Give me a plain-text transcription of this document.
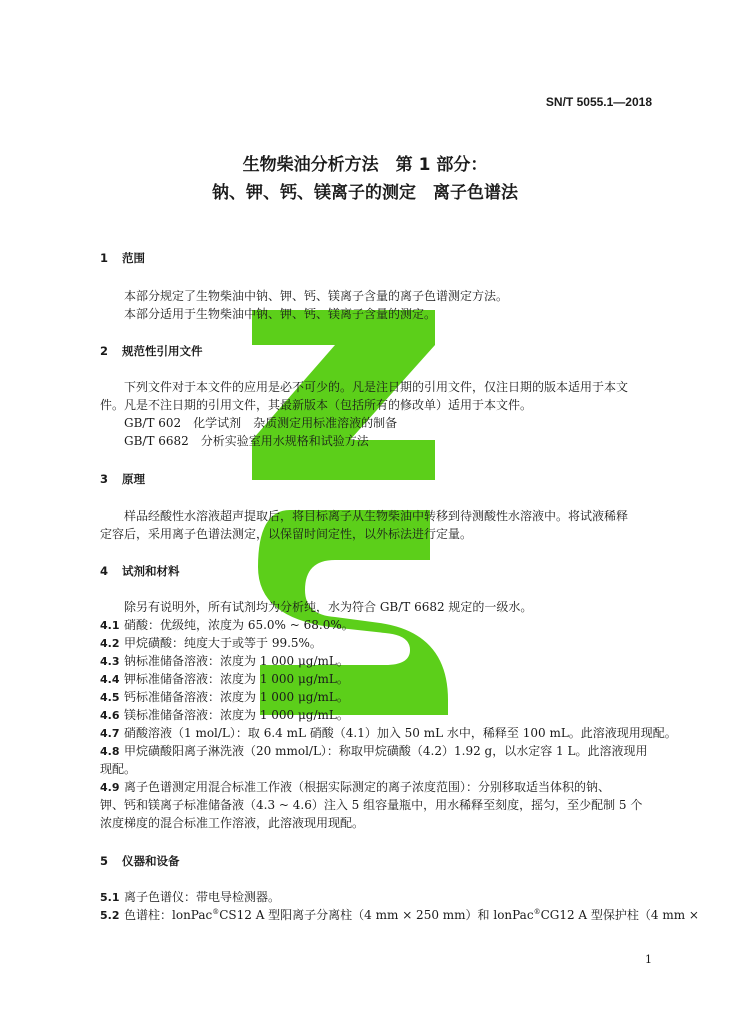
SN/T 5055.1—2018
生物柴油分析方法　第 1 部分：
钠、钾、钙、镁离子的测定　离子色谱法
1 范围
本部分规定了生物柴油中钠、钾、钙、镁离子含量的离子色谱测定方法。
本部分适用于生物柴油中钠、钾、钙、镁离子含量的测定。
2 规范性引用文件
下列文件对于本文件的应用是必不可少的。凡是注日期的引用文件，仅注日期的版本适用于本文
件。凡是不注日期的引用文件，其最新版本（包括所有的修改单）适用于本文件。
GB/T 602　化学试剂　杂质测定用标准溶液的制备
GB/T 6682　分析实验室用水规格和试验方法
3 原理
样品经酸性水溶液超声提取后，将目标离子从生物柴油中转移到待测酸性水溶液中。将试液稀释
定容后，采用离子色谱法测定，以保留时间定性，以外标法进行定量。
4 试剂和材料
除另有说明外，所有试剂均为分析纯，水为符合 GB/T 6682 规定的一级水。
4.1 硝酸：优级纯，浓度为 65.0% ~ 68.0%。
4.2 甲烷磺酸：纯度大于或等于 99.5%。
4.3 钠标准储备溶液：浓度为 1 000 μg/mL。
4.4 钾标准储备溶液：浓度为 1 000 μg/mL。
4.5 钙标准储备溶液：浓度为 1 000 μg/mL。
4.6 镁标准储备溶液：浓度为 1 000 μg/mL。
4.7 硝酸溶液（1 mol/L）：取 6.4 mL 硝酸（4.1）加入 50 mL 水中，稀释至 100 mL。此溶液现用现配。
4.8 甲烷磺酸阳离子淋洗液（20 mmol/L）：称取甲烷磺酸（4.2）1.92 g，以水定容 1 L。此溶液现用
现配。
4.9 离子色谱测定用混合标准工作液（根据实际测定的离子浓度范围）：分别移取适当体积的钠、
钾、钙和镁离子标准储备液（4.3 ~ 4.6）注入 5 组容量瓶中，用水稀释至刻度，摇匀，至少配制 5 个
浓度梯度的混合标准工作溶液，此溶液现用现配。
5 仪器和设备
5.1 离子色谱仪：带电导检测器。
5.2 色谱柱：lonPac®CS12 A 型阳离子分离柱（4 mm × 250 mm）和 lonPac®CG12 A 型保护柱（4 mm ×
1
